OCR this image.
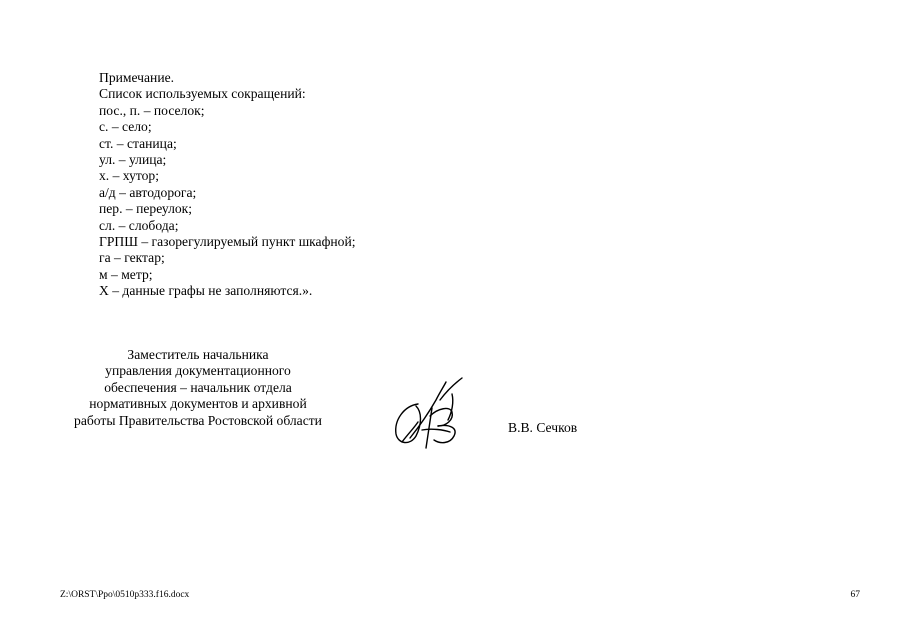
Примечание.
Список используемых сокращений:
пос., п. – поселок;
с. – село;
ст. – станица;
ул. – улица;
х. – хутор;
а/д – автодорога;
пер. – переулок;
сл. – слобода;
ГРПШ – газорегулируемый пункт шкафной;
га – гектар;
м – метр;
Х – данные графы не заполняются.».
Заместитель начальника
управления документационного
обеспечения – начальник отдела
нормативных документов и архивной
работы Правительства Ростовской области	В.В. Сечков
Z:\ORST\Ppo\0510p333.f16.docx	67
